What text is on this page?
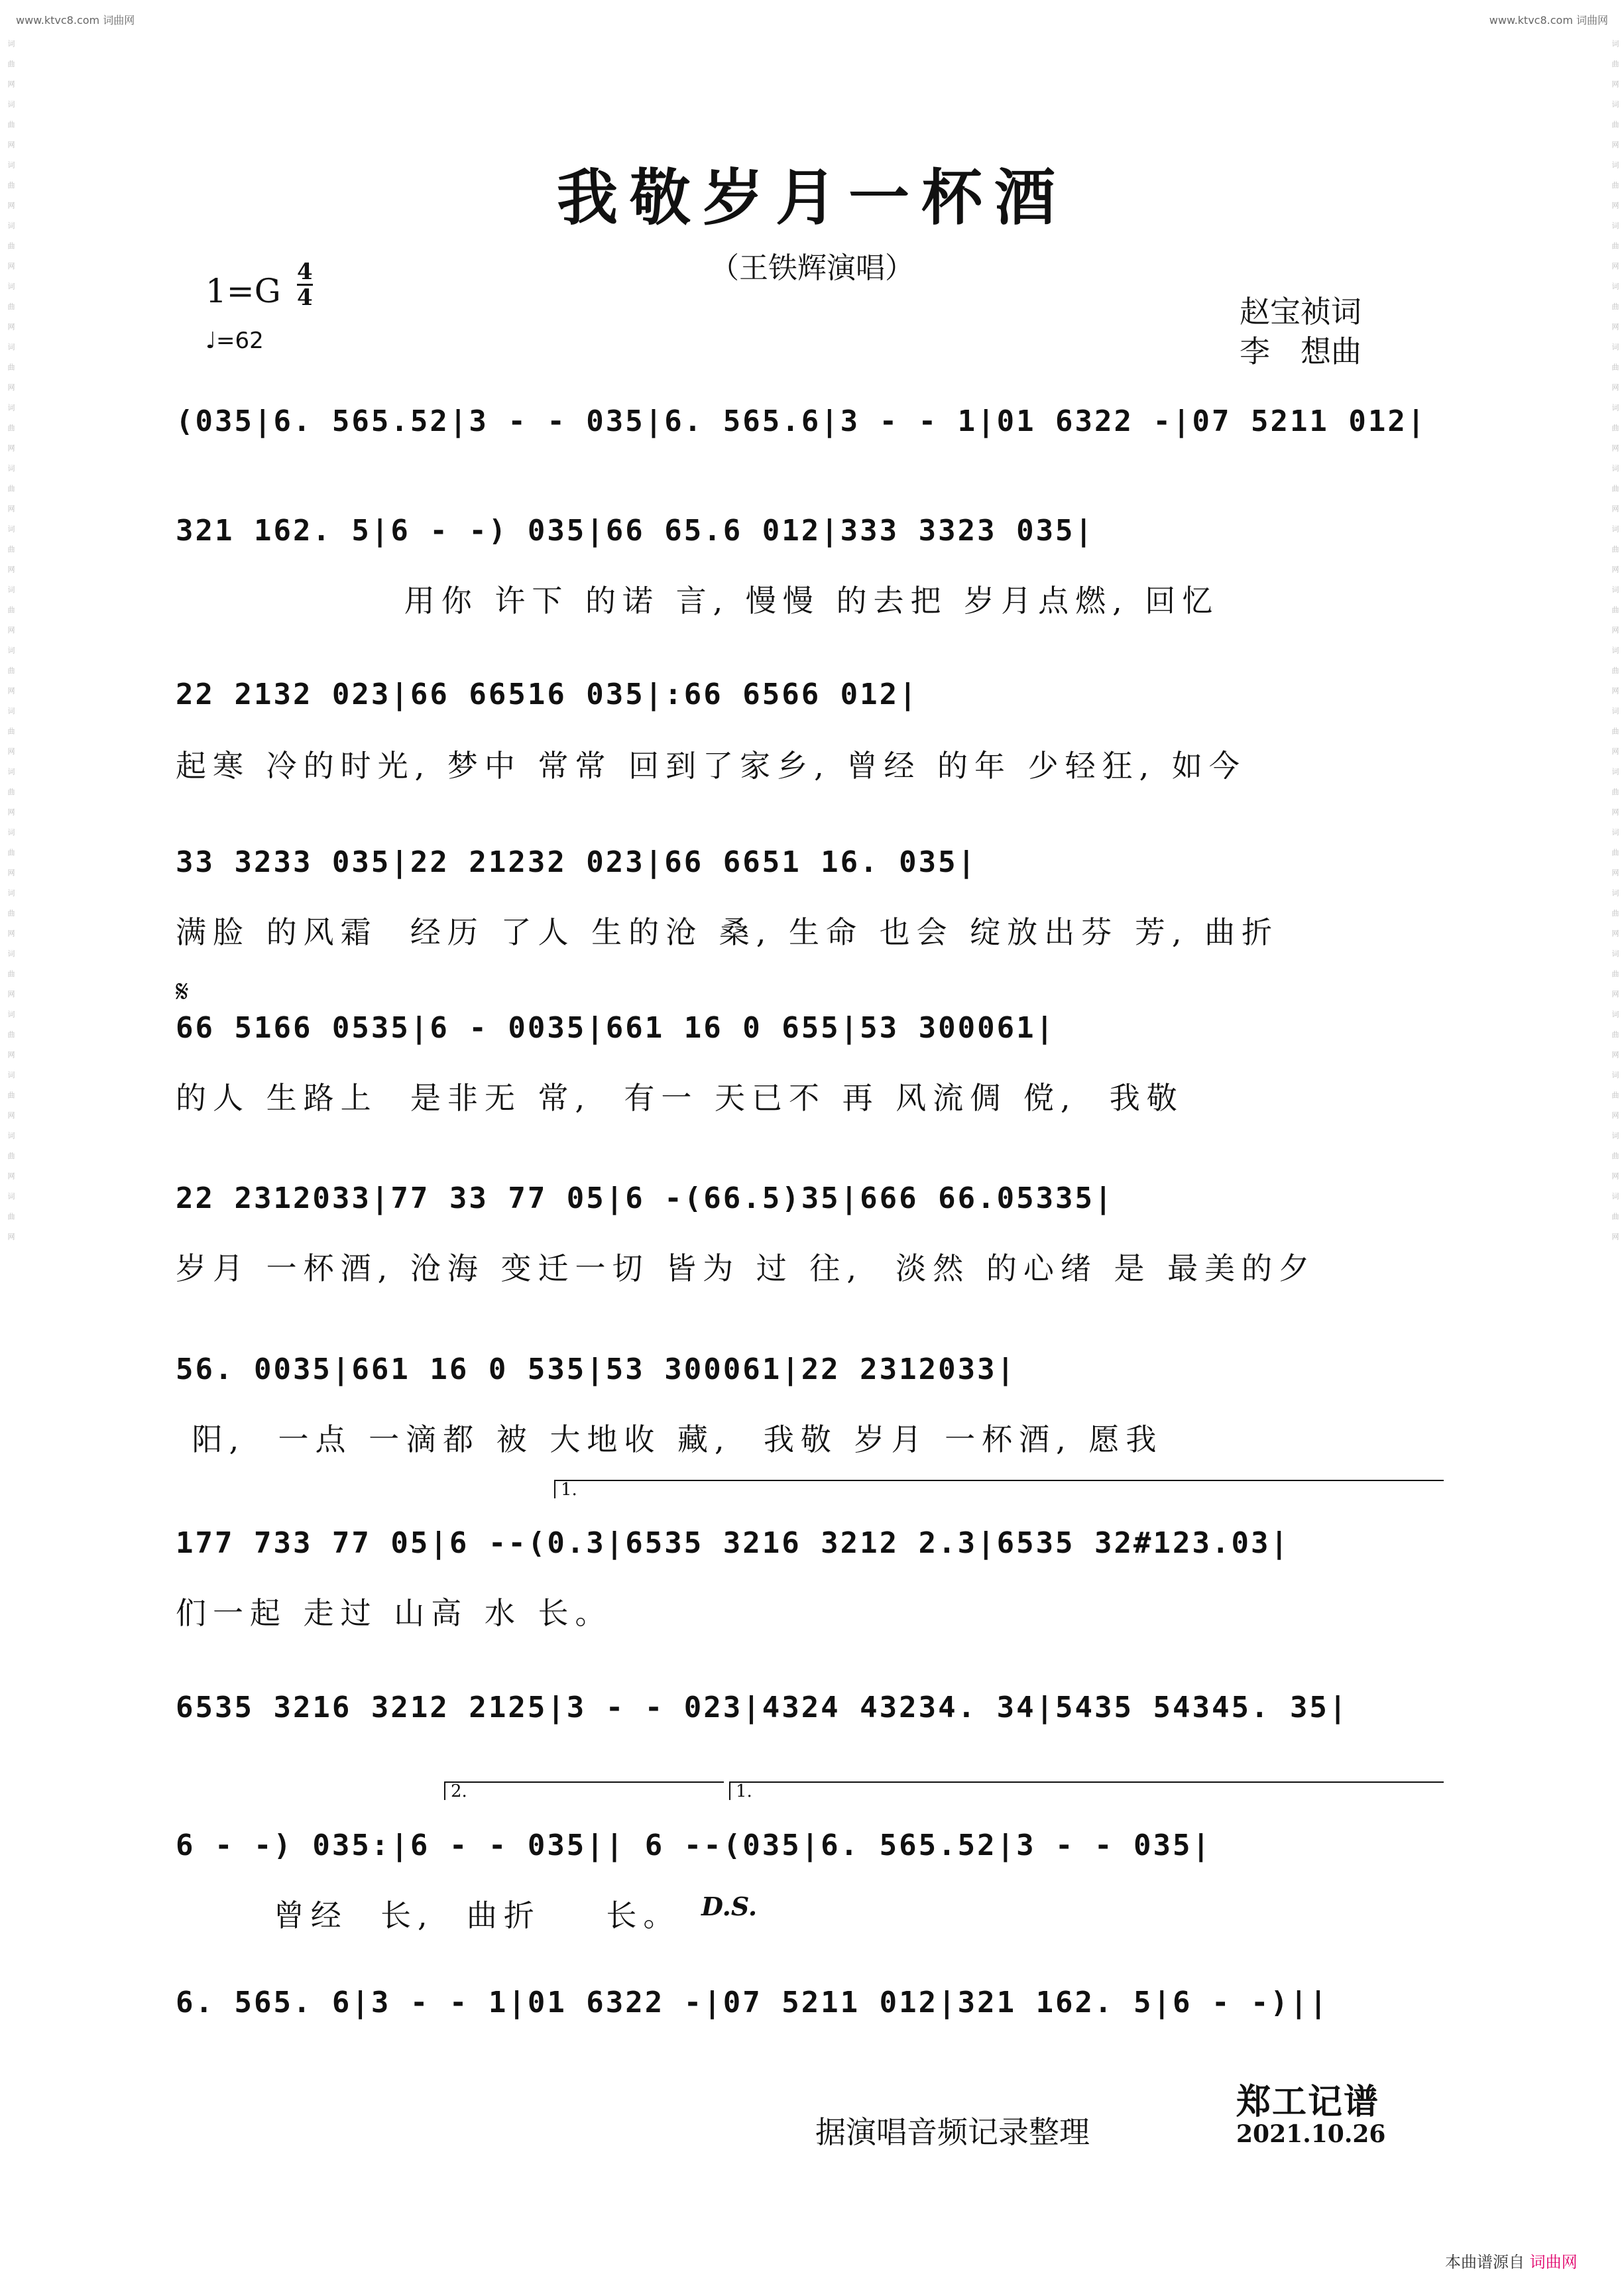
www.ktvc8.com 词曲网	www.ktvc8.com 词曲网
词 曲 网 词 曲 网 词 曲 网 词 曲 网 词 曲 网 词 曲 网 词 曲 网 词 曲 网 词 曲 网 词 曲 网 词 曲 网 词 曲 网 词 曲 网 词 曲 网 词 曲 网 词 曲 网 词 曲 网 词 曲 网 词 曲 网 词 曲 网	词 曲 网 词 曲 网 词 曲 网 词 曲 网 词 曲 网 词 曲 网 词 曲 网 词 曲 网 词 曲 网 词 曲 网 词 曲 网 词 曲 网 词 曲 网 词 曲 网 词 曲 网 词 曲 网 词 曲 网 词 曲 网 词 曲 网 词 曲 网
我敬岁月一杯酒
（王铁辉演唱）
1=G 4
4
♩=62
赵宝祯词
李　想曲
(035|6. 565.52|3 - - 035|6. 565.6|3 - - 1|01 6322 -|07 5211 012|
321 162. 5|6 - -) 035|66 65.6 012|333 3323 035|
用你 许下 的诺 言, 慢慢 的去把 岁月点燃, 回忆
22 2132 023|66 66516 035|:66 6566 012|
起寒 冷的时光, 梦中 常常 回到了家乡, 曾经 的年 少轻狂, 如今
33 3233 035|22 21232 023|66 6651 16. 035|
满脸 的风霜  经历 了人 生的沧 桑, 生命 也会 绽放出芬 芳, 曲折
𝄋
66 5166 0535|6 - 0035|661 16 0 655|53 300061|
的人 生路上  是非无 常,  有一 天已不 再 风流倜 傥,  我敬
22 2312033|77 33 77 05|6 -(66.5)35|666 66.05335|
岁月 一杯酒, 沧海 变迁一切 皆为 过 往,  淡然 的心绪 是 最美的夕
56. 0035|661 16 0 535|53 300061|22 2312033|
阳,  一点 一滴都 被 大地收 藏,  我敬 岁月 一杯酒, 愿我
1.
177 733 77 05|6 --(0.3|6535 3216 3212 2.3|6535 32#123.03|
们一起 走过 山高 水 长。
6535 3216 3212 2125|3 - - 023|4324 43234. 34|5435 54345. 35|
2.	1.
6 - -) 035:|6 - - 035|| 6 --(035|6. 565.52|3 - - 035|
曾经  长,  曲折    长。 D.S.
6. 565. 6|3 - - 1|01 6322 -|07 5211 012|321 162. 5|6 - -)||
据演唱音频记录整理
郑工记谱
2021.10.26
本曲谱源自 词曲网
